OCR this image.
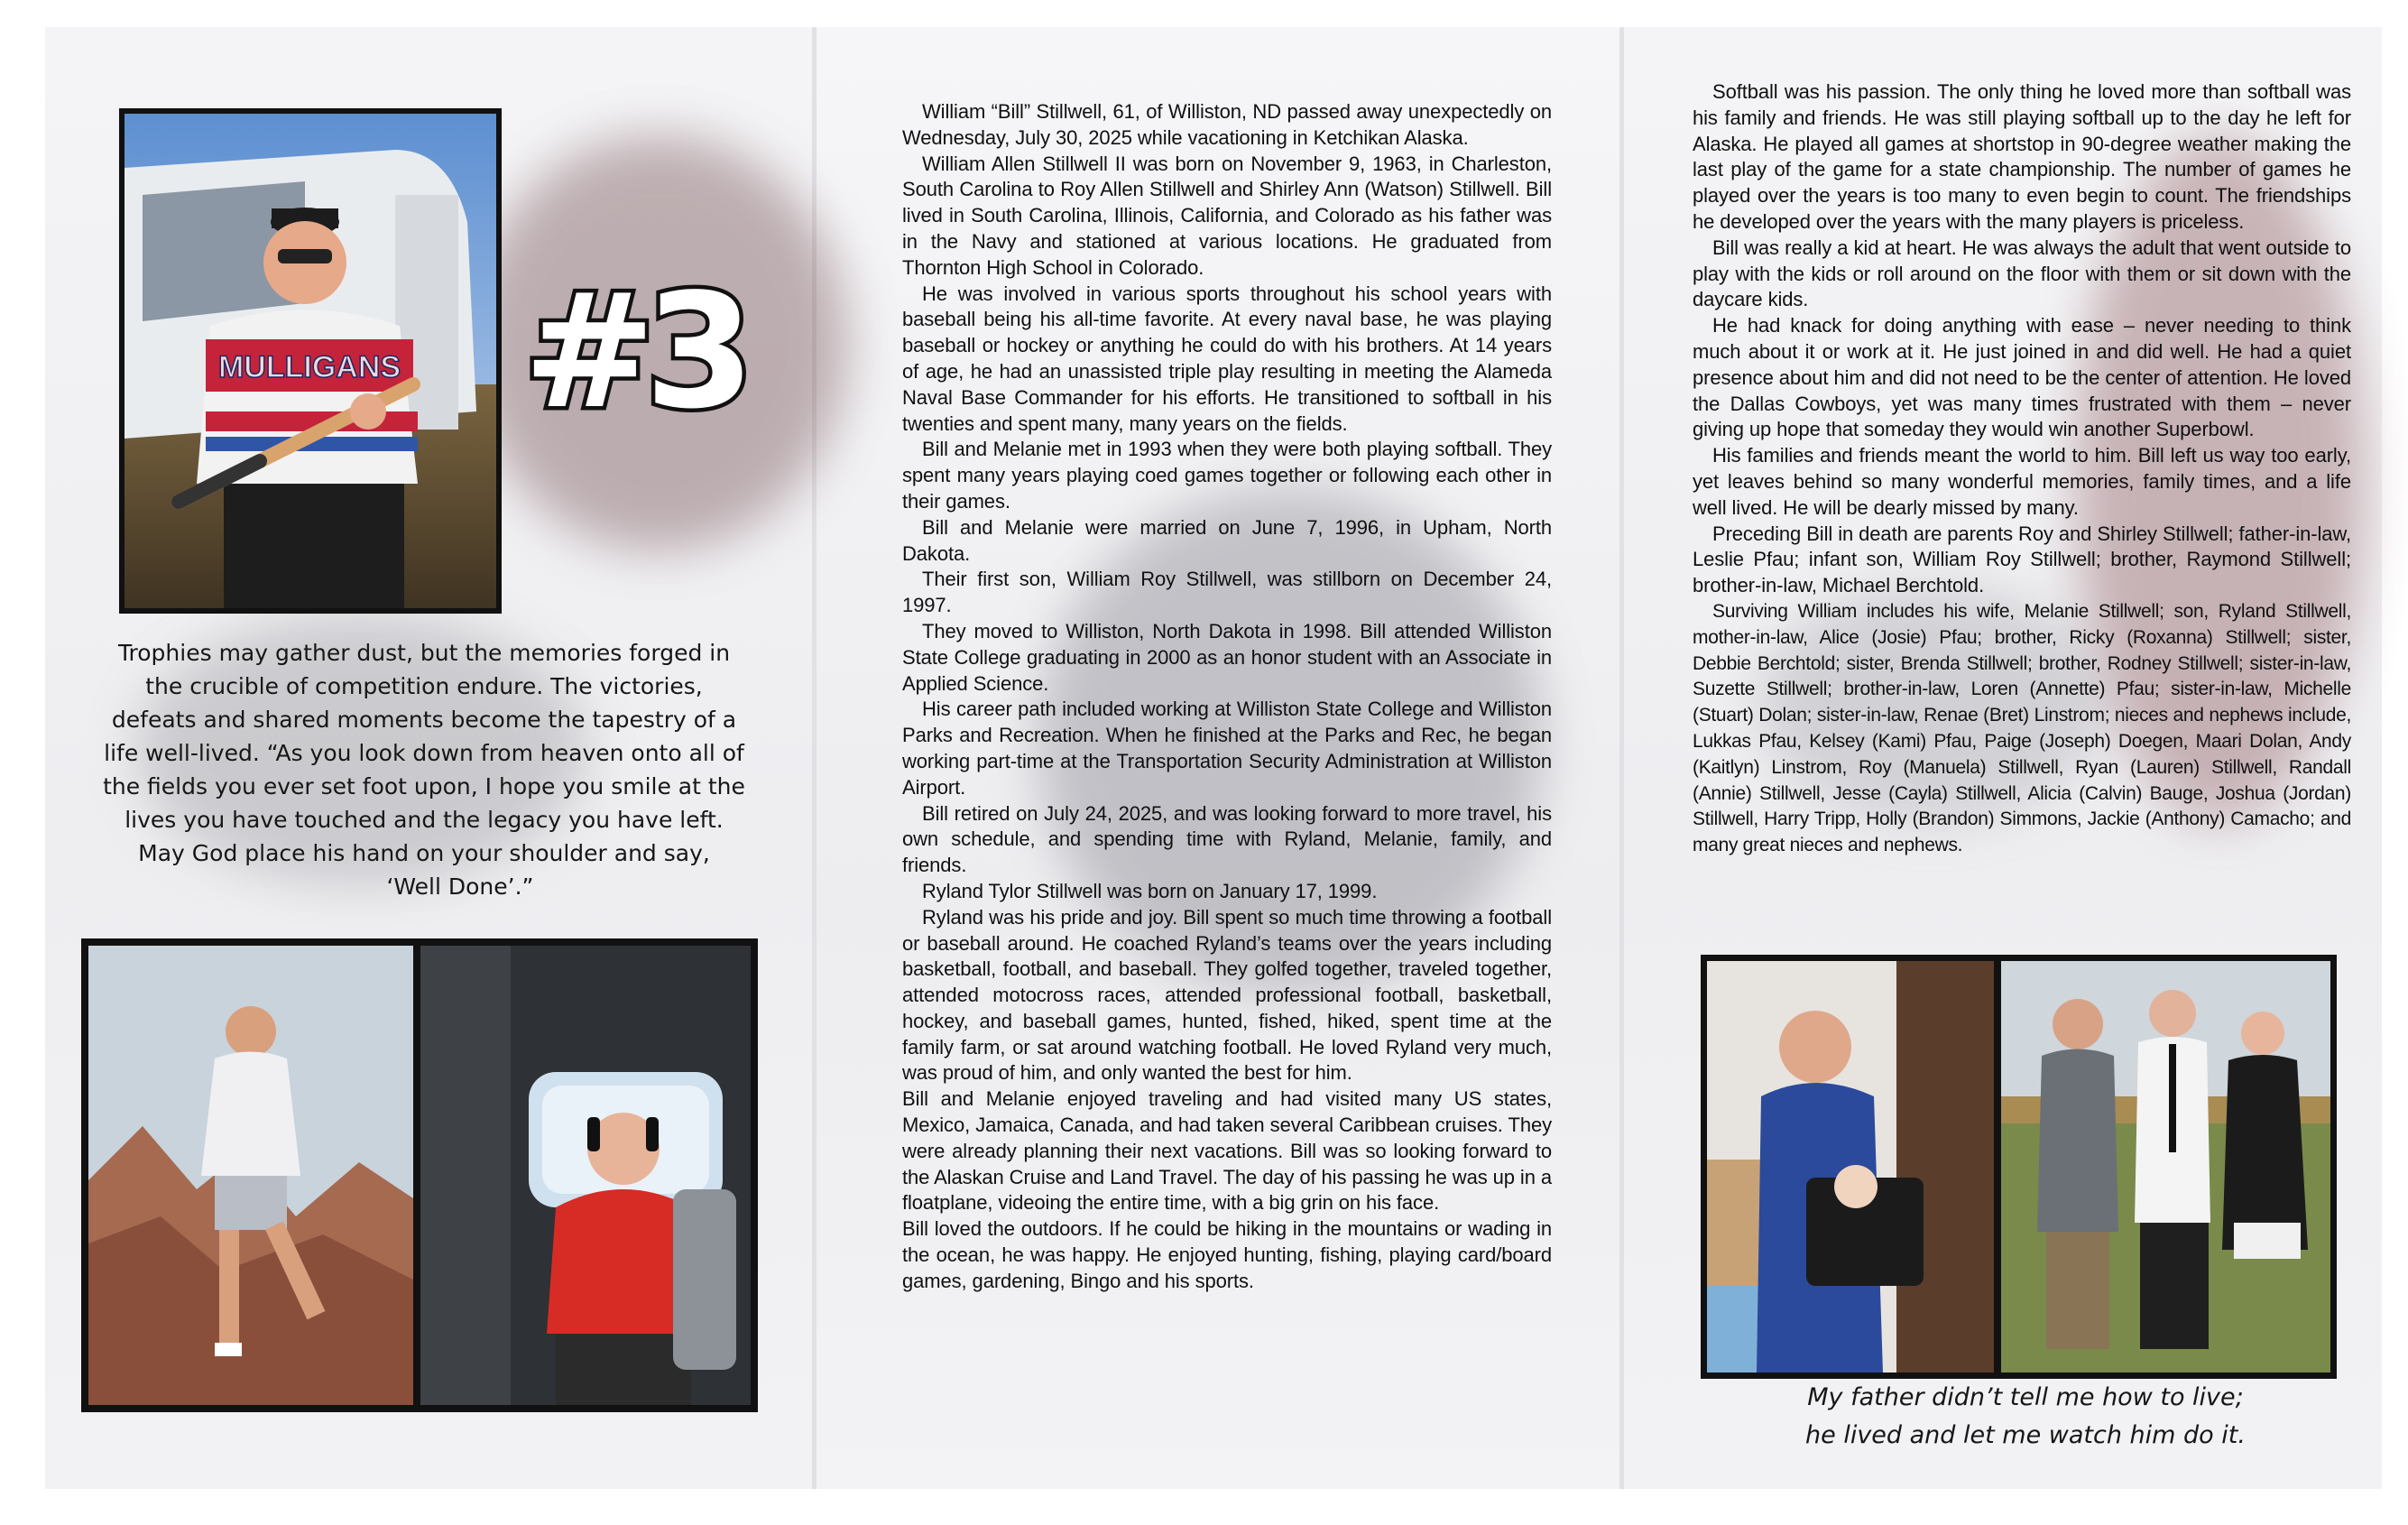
MULLIGANS #3

Trophies may gather dust, but the memories forged in

the crucible of competition endure. The victories,

defeats and shared moments become the tapestry of a

life well-lived. “As you look down from heaven onto all of

the fields you ever set foot upon, I hope you smile at the

lives you have touched and the legacy you have left.

May God place his hand on your shoulder and say,

‘Well Done’.”

William “Bill” Stillwell, 61, of Williston, ND passed away unexpectedly on Wednesday, July 30, 2025 while vacationing in Ketchikan Alaska.

William Allen Stillwell II was born on November 9, 1963, in Charleston, South Carolina to Roy Allen Stillwell and Shirley Ann (Watson) Stillwell. Bill lived in South Carolina, Illinois, California, and Colorado as his father was in the Navy and stationed at various locations. He graduated from Thornton High School in Colorado.

He was involved in various sports throughout his school years with baseball being his all-time favorite. At every naval base, he was playing baseball or hockey or anything he could do with his brothers. At 14 years of age, he had an unassisted triple play resulting in meeting the Alameda Naval Base Commander for his efforts. He transitioned to softball in his twenties and spent many, many years on the fields.

Bill and Melanie met in 1993 when they were both playing softball. They spent many years playing coed games together or following each other in their games.

Bill and Melanie were married on June 7, 1996, in Upham, North Dakota.

Their first son, William Roy Stillwell, was stillborn on December 24, 1997.

They moved to Williston, North Dakota in 1998. Bill attended Williston State College graduating in 2000 as an honor student with an Associate in Applied Science.

His career path included working at Williston State College and Williston Parks and Recreation. When he finished at the Parks and Rec, he began working part-time at the Transportation Security Administration at Williston Airport.

Bill retired on July 24, 2025, and was looking forward to more travel, his own schedule, and spending time with Ryland, Melanie, family, and friends.

Ryland Tylor Stillwell was born on January 17, 1999.

Ryland was his pride and joy. Bill spent so much time throwing a football or baseball around. He coached Ryland’s teams over the years including basketball, football, and baseball. They golfed together, traveled together, attended motocross races, attended professional football, basketball, hockey, and baseball games, hunted, fished, hiked, spent time at the family farm, or sat around watching football. He loved Ryland very much, was proud of him, and only wanted the best for him.

Bill and Melanie enjoyed traveling and had visited many US states, Mexico, Jamaica, Canada, and had taken several Caribbean cruises. They were already planning their next vacations. Bill was so looking forward to the Alaskan Cruise and Land Travel. The day of his passing he was up in a floatplane, videoing the entire time, with a big grin on his face.

Bill loved the outdoors. If he could be hiking in the mountains or wading in the ocean, he was happy. He enjoyed hunting, fishing, playing card/board games, gardening, Bingo and his sports.

Softball was his passion. The only thing he loved more than softball was his family and friends. He was still playing softball up to the day he left for Alaska. He played all games at shortstop in 90-degree weather making the last play of the game for a state championship. The number of games he played over the years is too many to even begin to count. The friendships he developed over the years with the many players is priceless.

Bill was really a kid at heart. He was always the adult that went outside to play with the kids or roll around on the floor with them or sit down with the daycare kids.

He had knack for doing anything with ease – never needing to think much about it or work at it. He just joined in and did well. He had a quiet presence about him and did not need to be the center of attention. He loved the Dallas Cowboys, yet was many times frustrated with them – never giving up hope that someday they would win another Superbowl.

His families and friends meant the world to him. Bill left us way too early, yet leaves behind so many wonderful memories, family times, and a life well lived. He will be dearly missed by many.

Preceding Bill in death are parents Roy and Shirley Stillwell; father-in-law, Leslie Pfau; infant son, William Roy Stillwell; brother, Raymond Stillwell; brother-in-law, Michael Berchtold.

Surviving William includes his wife, Melanie Stillwell; son, Ryland Stillwell, mother-in-law, Alice (Josie) Pfau; brother, Ricky (Roxanna) Stillwell; sister, Debbie Berchtold; sister, Brenda Stillwell; brother, Rodney Stillwell; sister-in-law, Suzette Stillwell; brother-in-law, Loren (Annette) Pfau; sister-in-law, Michelle (Stuart) Dolan; sister-in-law, Renae (Bret) Linstrom; nieces and nephews include, Lukkas Pfau, Kelsey (Kami) Pfau, Paige (Joseph) Doegen, Maari Dolan, Andy (Kaitlyn) Linstrom, Roy (Manuela) Stillwell, Ryan (Lauren) Stillwell, Randall (Annie) Stillwell, Jesse (Cayla) Stillwell, Alicia (Calvin) Bauge, Joshua (Jordan) Stillwell, Harry Tripp, Holly (Brandon) Simmons, Jackie (Anthony) Camacho; and many great nieces and nephews.

My father didn’t tell me how to live;

he lived and let me watch him do it.
